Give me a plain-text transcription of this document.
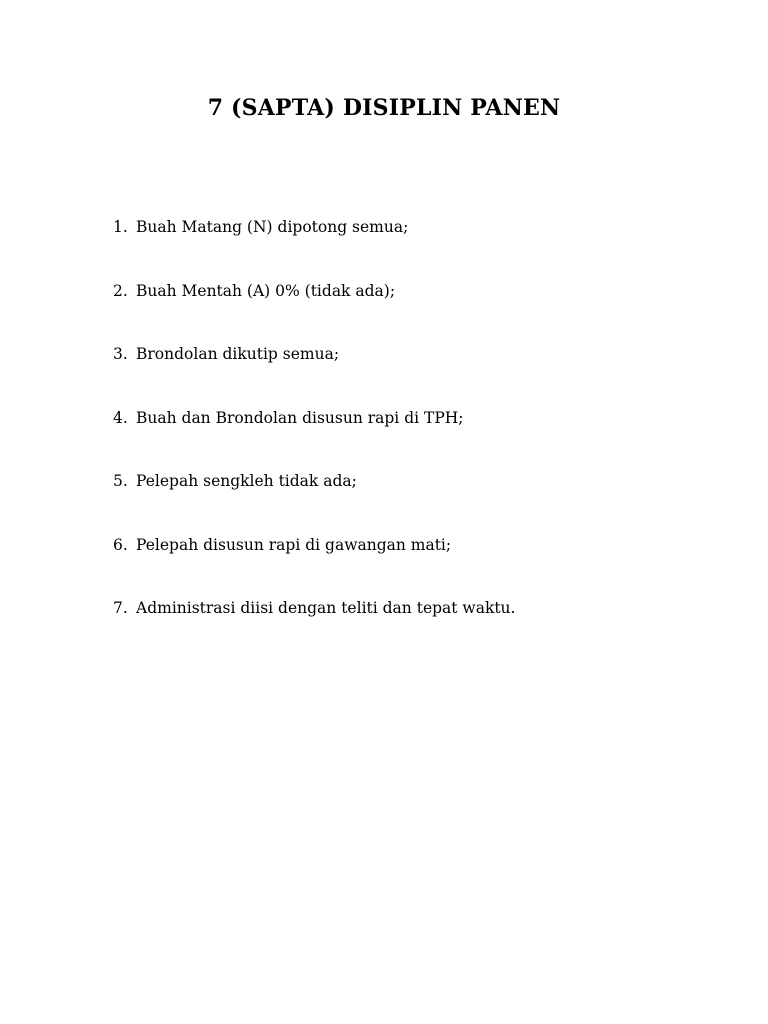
7 (SAPTA) DISIPLIN PANEN
1. Buah Matang (N) dipotong semua;
2. Buah Mentah (A) 0% (tidak ada);
3. Brondolan dikutip semua;
4. Buah dan Brondolan disusun rapi di TPH;
5. Pelepah sengkleh tidak ada;
6. Pelepah disusun rapi di gawangan mati;
7. Administrasi diisi dengan teliti dan tepat waktu.
